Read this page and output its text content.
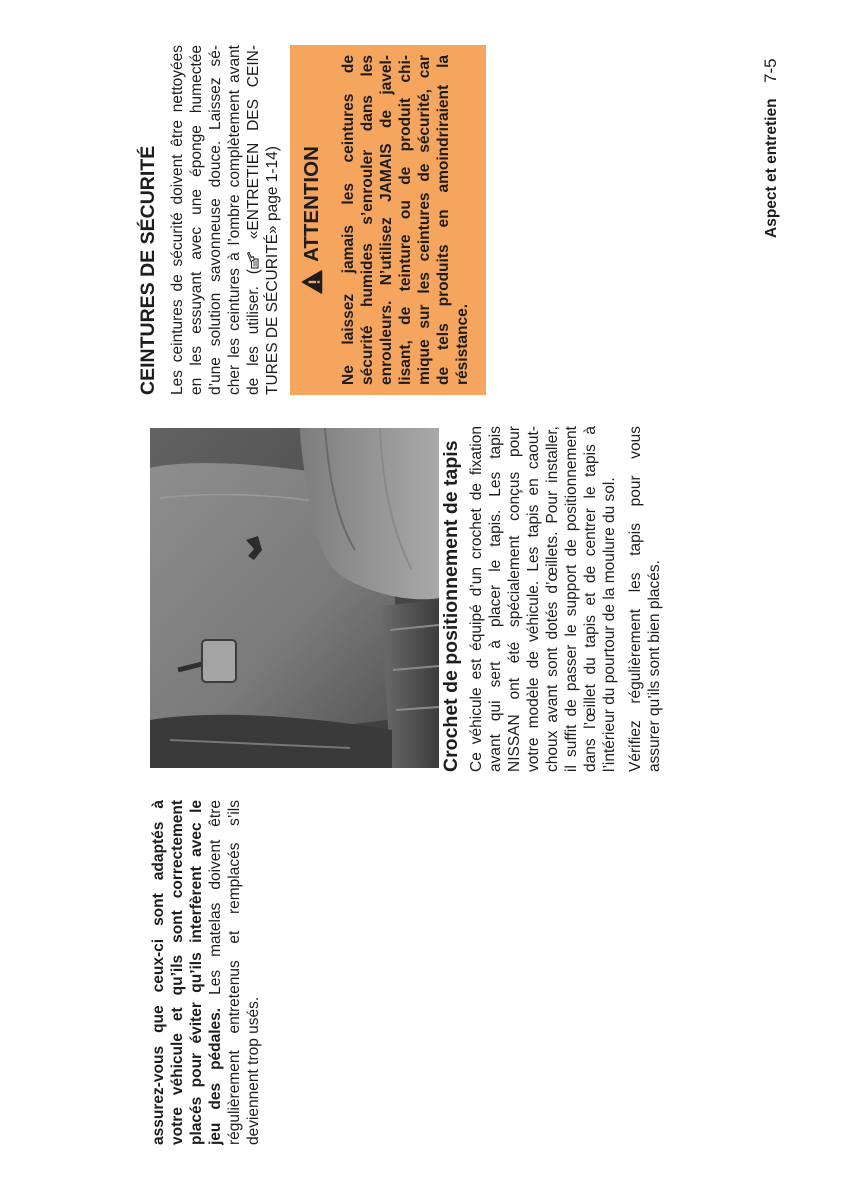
assurez-vous que ceux-ci sont adaptés à votre véhicule et qu’ils sont correctement placés pour éviter qu’ils interfèrent avec le jeu des pédales. Les matelas doivent être régulièrement entretenus et remplacés s’ils deviennent trop usés.
Crochet de positionnement de tapis Ce véhicule est équipé d’un crochet de fixation avant qui sert à placer le tapis. Les tapis NISSAN ont été spécialement conçus pour votre modèle de véhicule. Les tapis en caout- choux avant sont dotés d’œillets. Pour installer, il suffit de passer le support de positionnement dans l’œillet du tapis et de centrer le tapis à l’intérieur du pourtour de la moulure du sol. Vérifiez régulièrement les tapis pour vous assurer qu’ils sont bien placés.
CEINTURES DE SÉCURITÉ Les ceintures de sécurité doivent être nettoyées en les essuyant avec une éponge humectée d’une solution savonneuse douce. Laissez sé- cher les ceintures à l’ombre complètement avant de les utiliser. (
«ENTRETIEN DES CEIN-
TURES DE SÉCURITÉ» page 1-14) ATTENTION Ne laissez jamais les ceintures de sécurité humides s’enrouler dans les enrouleurs. N’utilisez JAMAIS de javel- lisant, de teinture ou de produit chi- mique sur les ceintures de sécurité, car de tels produits en amoindriraient la résistance.
Aspect et entretien
7-5
